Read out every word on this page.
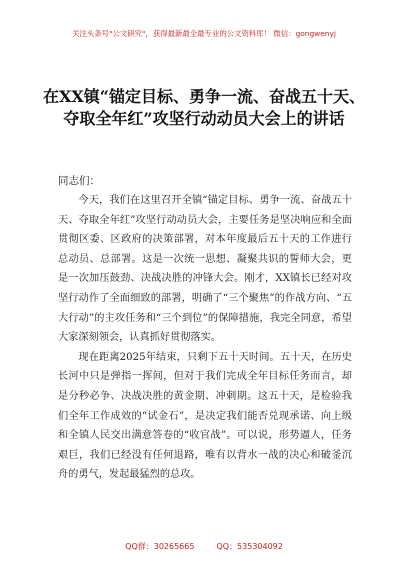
关注头条号"公文研究"，获得最新最全最专业的公文资料库！ 微信：gongwenyj
在XX镇“锚定目标、勇争一流、奋战五十天、夺取全年红”攻坚行动动员大会上的讲话
同志们：

今天，我们在这里召开全镇“锚定目标、勇争一流、奋战五十天、夺取全年红”攻坚行动动员大会，主要任务是坚决响应和全面贯彻区委、区政府的决策部署，对本年度最后五十天的工作进行总动员、总部署。这是一次统一思想、凝聚共识的誓师大会，更是一次加压鼓劲、决战决胜的冲锋大会。刚才，XX镇长已经对攻坚行动作了全面细致的部署，明确了“三个聚焦”的作战方向、“五大行动”的主攻任务和“三个到位”的保障措施，我完全同意，希望大家深刻领会，认真抓好贯彻落实。

现在距离2025年结束，只剩下五十天时间。五十天，在历史长河中只是弹指一挥间，但对于我们完成全年目标任务而言，却是分秒必争、决战决胜的黄金期、冲刺期。这五十天，是检验我们全年工作成效的“试金石”，是决定我们能否兑现承诺、向上级和全镇人民交出满意答卷的“收官战”。可以说，形势逼人，任务艰巨，我们已经没有任何退路，唯有以背水一战的决心和破釜沉舟的勇气，发起最猛烈的总攻。

QQ群：30265665	QQ：535304092
